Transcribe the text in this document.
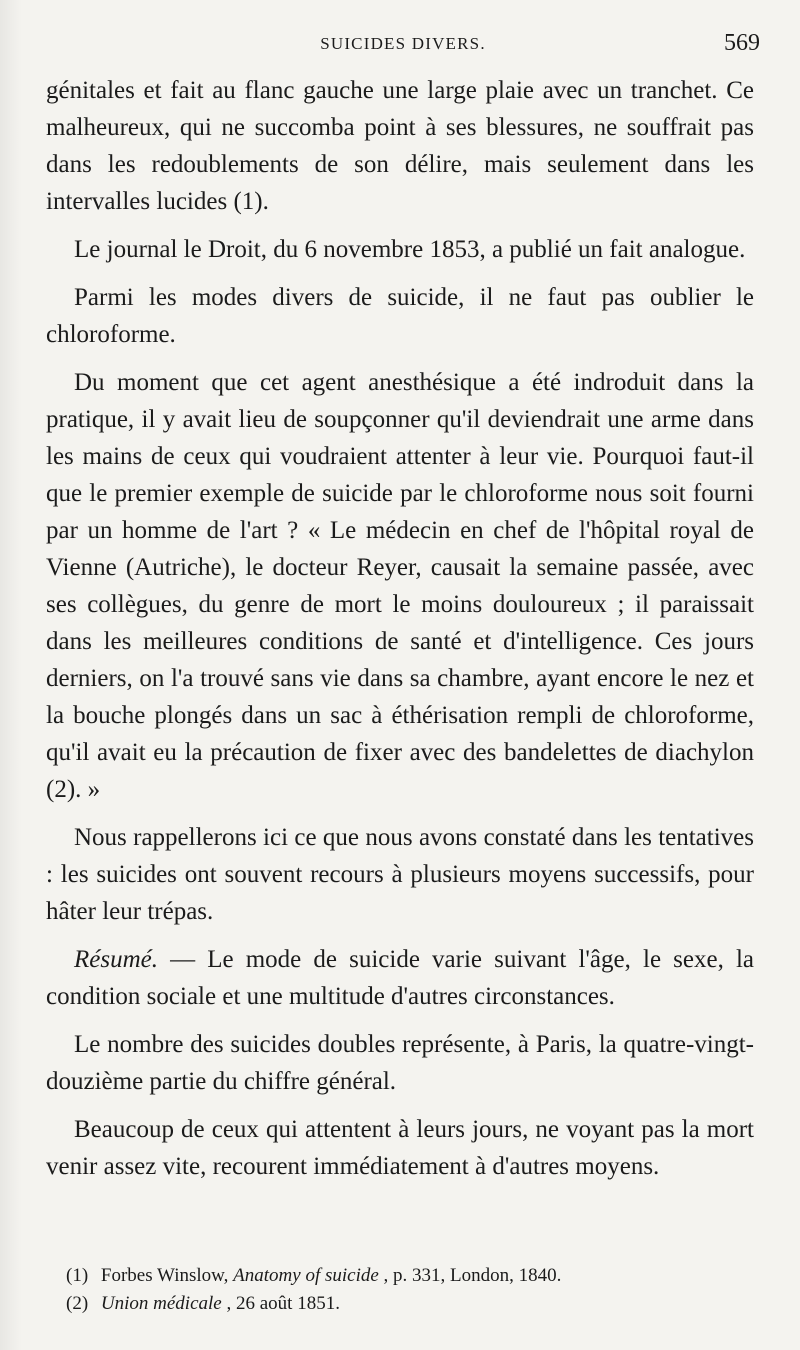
SUICIDES DIVERS.	569

génitales et fait au flanc gauche une large plaie avec un tranchet. Ce malheureux, qui ne succomba point à ses blessures, ne souffrait pas dans les redoublements de son délire, mais seulement dans les intervalles lucides (1).

Le journal le Droit, du 6 novembre 1853, a publié un fait analogue.

Parmi les modes divers de suicide, il ne faut pas oublier le chloroforme.

Du moment que cet agent anesthésique a été indroduit dans la pratique, il y avait lieu de soupçonner qu'il deviendrait une arme dans les mains de ceux qui voudraient attenter à leur vie. Pourquoi faut-il que le premier exemple de suicide par le chloroforme nous soit fourni par un homme de l'art ? « Le médecin en chef de l'hôpital royal de Vienne (Autriche), le docteur Reyer, causait la semaine passée, avec ses collègues, du genre de mort le moins douloureux ; il paraissait dans les meilleures conditions de santé et d'intelligence. Ces jours derniers, on l'a trouvé sans vie dans sa chambre, ayant encore le nez et la bouche plongés dans un sac à éthérisation rempli de chloroforme, qu'il avait eu la précaution de fixer avec des bandelettes de diachylon (2). »

Nous rappellerons ici ce que nous avons constaté dans les tentatives : les suicides ont souvent recours à plusieurs moyens successifs, pour hâter leur trépas.

Résumé. — Le mode de suicide varie suivant l'âge, le sexe, la condition sociale et une multitude d'autres circonstances.

Le nombre des suicides doubles représente, à Paris, la quatre-vingt-douzième partie du chiffre général.

Beaucoup de ceux qui attentent à leurs jours, ne voyant pas la mort venir assez vite, recourent immédiatement à d'autres moyens.

(1) Forbes Winslow, Anatomy of suicide , p. 331, London, 1840.

(2) Union médicale , 26 août 1851.
